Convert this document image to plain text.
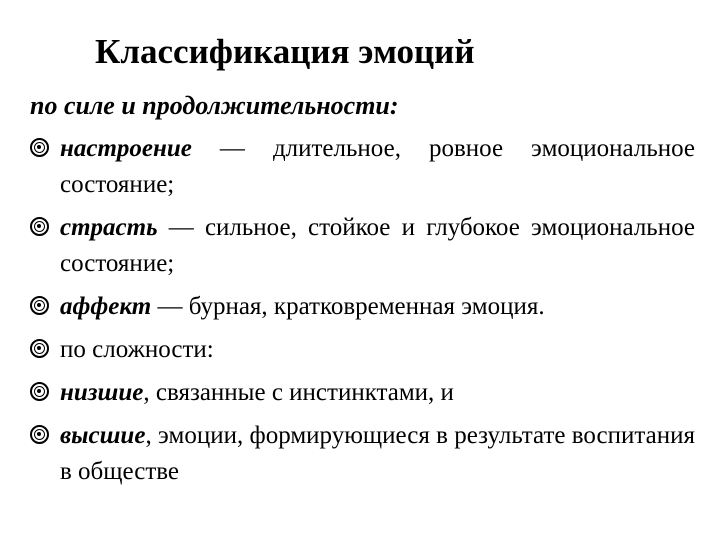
Классификация эмоций
по силе и продолжительности:
настроение — длительное, ровное эмоциональное состояние;
страсть — сильное, стойкое и глубокое эмоциональное состояние;
аффект — бурная, кратковременная эмоция.
по сложности:
низшие, связанные с инстинктами, и
высшие, эмоции, формирующиеся в результате воспитания в обществе
